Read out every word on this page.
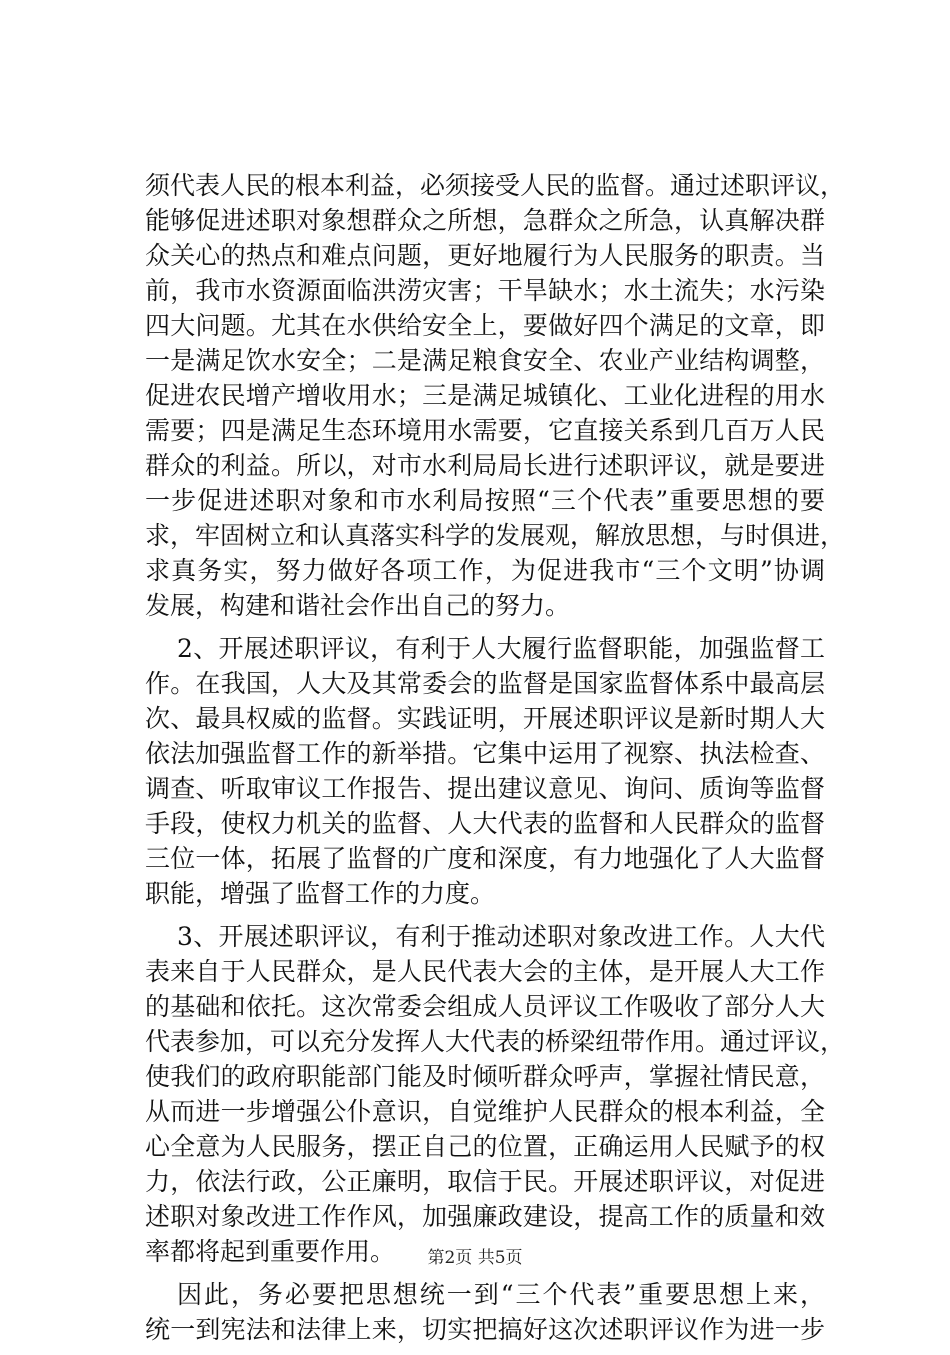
须代表人民的根本利益，必须接受人民的监督。通过述职评议，
能够促进述职对象想群众之所想，急群众之所急，认真解决群
众关心的热点和难点问题，更好地履行为人民服务的职责。当
前，我市水资源面临洪涝灾害；干旱缺水；水土流失；水污染
四大问题。尤其在水供给安全上，要做好四个满足的文章，即
一是满足饮水安全；二是满足粮食安全、农业产业结构调整，
促进农民增产增收用水；三是满足城镇化、工业化进程的用水
需要；四是满足生态环境用水需要，它直接关系到几百万人民
群众的利益。所以，对市水利局局长进行述职评议，就是要进
一步促进述职对象和市水利局按照“三个代表”重要思想的要
求，牢固树立和认真落实科学的发展观，解放思想，与时俱进，
求真务实，努力做好各项工作，为促进我市“三个文明”协调
发展，构建和谐社会作出自己的努力。
2、开展述职评议，有利于人大履行监督职能，加强监督工
作。在我国，人大及其常委会的监督是国家监督体系中最高层
次、最具权威的监督。实践证明，开展述职评议是新时期人大
依法加强监督工作的新举措。它集中运用了视察、执法检查、
调查、听取审议工作报告、提出建议意见、询问、质询等监督
手段，使权力机关的监督、人大代表的监督和人民群众的监督
三位一体，拓展了监督的广度和深度，有力地强化了人大监督
职能，增强了监督工作的力度。
3、开展述职评议，有利于推动述职对象改进工作。人大代
表来自于人民群众，是人民代表大会的主体，是开展人大工作
的基础和依托。这次常委会组成人员评议工作吸收了部分人大
代表参加，可以充分发挥人大代表的桥梁纽带作用。通过评议，
使我们的政府职能部门能及时倾听群众呼声，掌握社情民意，
从而进一步增强公仆意识，自觉维护人民群众的根本利益，全
心全意为人民服务，摆正自己的位置，正确运用人民赋予的权
力，依法行政，公正廉明，取信于民。开展述职评议，对促进
述职对象改进工作作风，加强廉政建设，提高工作的质量和效
率都将起到重要作用。
因此，务必要把思想统一到“三个代表”重要思想上来，
统一到宪法和法律上来，切实把搞好这次述职评议作为进一步
第2页 共5页
